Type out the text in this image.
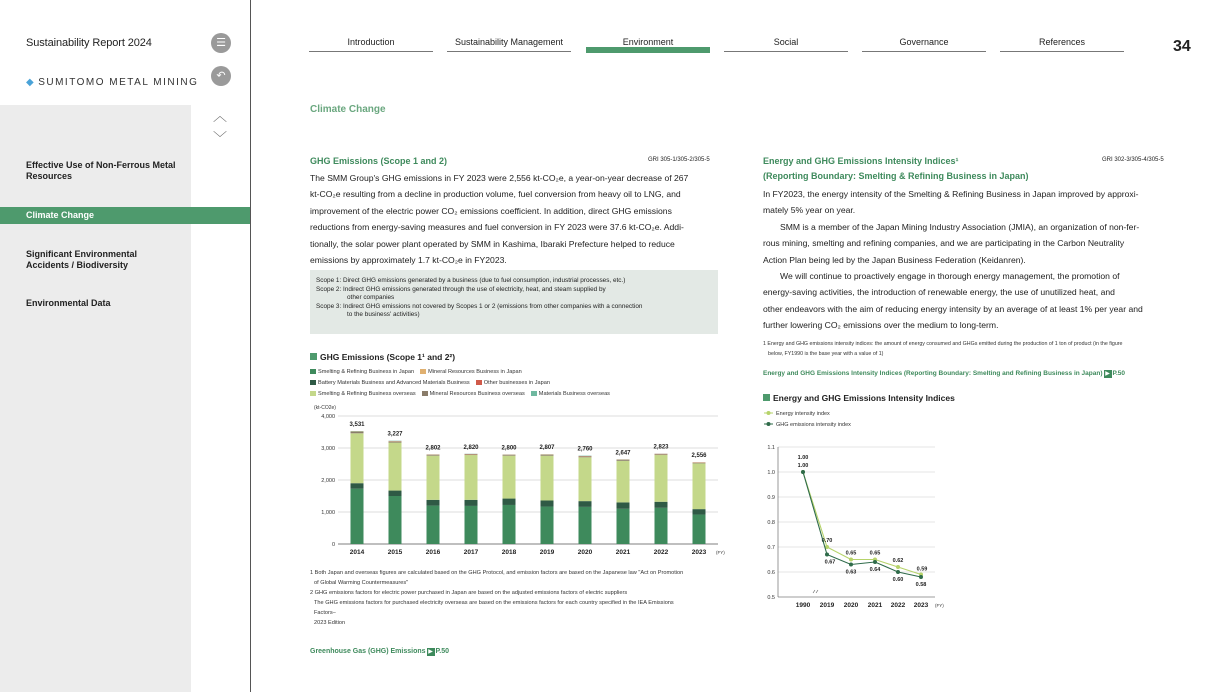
Sustainability Report 2024
◆ SUMITOMO METAL MINING
☰
↶
︿
﹀
Effective Use of Non-Ferrous Metal Resources
Climate Change
Significant Environmental Accidents / Biodiversity
Environmental Data
Introduction	Sustainability Management	Environment	Social	Governance	References	34
Climate Change
GHG Emissions (Scope 1 and 2)	GRI 305-1/305-2/305-5
The SMM Group's GHG emissions in FY 2023 were 2,556 kt-CO₂e, a year-on-year decrease of 267
kt-CO₂e resulting from a decline in production volume, fuel conversion from heavy oil to LNG, and
improvement of the electric power CO₂ emissions coefficient. In addition, direct GHG emissions
reductions from energy-saving measures and fuel conversion in FY 2023 were 37.6 kt-CO₂e. Addi-
tionally, the solar power plant operated by SMM in Kashima, Ibaraki Prefecture helped to reduce
emissions by approximately 1.7 kt-CO₂e in FY2023.
Scope 1: Direct GHG emissions generated by a business (due to fuel consumption, industrial processes, etc.)
Scope 2: Indirect GHG emissions generated through the use of electricity, heat, and steam supplied by
other companies
Scope 3: Indirect GHG emissions not covered by Scopes 1 or 2 (emissions from other companies with a connection
to the business' activities)
GHG Emissions (Scope 1¹ and 2²)
Smelting & Refining Business in Japan	Mineral Resources Business in Japan
Battery Materials Business and Advanced Materials Business	Other businesses in Japan
Smelting & Refining Business overseas	Mineral Resources Business overseas	Materials Business overseas
(kt-CO2e)
0
1,000
2,000
3,000
4,000
3,531
2014
3,227
2015
2,802
2016
2,820
2017
2,800
2018
2,807
2019
2,760
2020
2,647
2021
2,823
2022
2,556
2023 (FY)
1 Both Japan and overseas figures are calculated based on the GHG Protocol, and emission factors are based on the Japanese law "Act on Promotion
of Global Warming Countermeasures"
2 GHG emissions factors for electric power purchased in Japan are based on the adjusted emissions factors of electric suppliers
The GHG emissions factors for purchased electricity overseas are based on the emissions factors for each country specified in the IEA Emissions
Factors–
2023 Edition
Greenhouse Gas (GHG) Emissions ▶ P.50
Energy and GHG Emissions Intensity Indices¹
(Reporting Boundary: Smelting & Refining Business in Japan)
GRI 302-3/305-4/305-5
In FY2023, the energy intensity of the Smelting & Refining Business in Japan improved by approxi-
mately 5% year on year.
SMM is a member of the Japan Mining Industry Association (JMIA), an organization of non-fer-
rous mining, smelting and refining companies, and we are participating in the Carbon Neutrality
Action Plan being led by the Japan Business Federation (Keidanren).
We will continue to proactively engage in thorough energy management, the promotion of
energy-saving activities, the introduction of renewable energy, the use of unutilized heat, and
other endeavors with the aim of reducing energy intensity by an average of at least 1% per year and
further lowering CO₂ emissions over the medium to long-term.
1 Energy and GHG emissions intensity indices: the amount of energy consumed and GHGs emitted during the production of 1 ton of product (in the figure
below, FY1990 is the base year with a value of 1)
Energy and GHG Emissions Intensity Indices (Reporting Boundary: Smelting and Refining Business in Japan) ▶ P.50
Energy and GHG Emissions Intensity Indices
Energy intensity index
GHG emissions intensity index
0.5
0.6
0.7
0.8
0.9
1.0
1.1
1990 2019 2020 2021 2022 2023 (FY)
1.00
0.70
0.65 0.65
0.62
0.59
1.00
0.67
0.63 0.64
0.60
0.58
